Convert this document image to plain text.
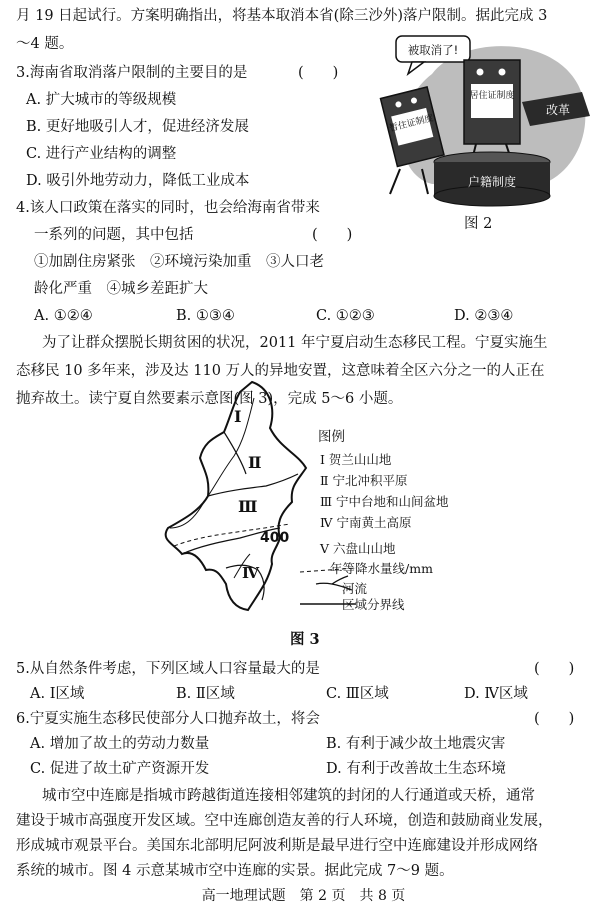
月 19 日起试行。方案明确指出，将基本取消本省(除三沙外)落户限制。据此完成 3
～4 题。
3.海南省取消落户限制的主要目的是	(　　)
A. 扩大城市的等级规模
B. 更好地吸引人才，促进经济发展
C. 进行产业结构的调整
D. 吸引外地劳动力，降低工业成本
4.该人口政策在落实的同时，也会给海南省带来
一系列的问题，其中包括	(　　)
①加剧住房紧张　②环境污染加重　③人口老
龄化严重　④城乡差距扩大
A. ①②④	B. ①③④	C. ①②③	D. ②③④
被取消了!
暂住证制度
居住证制度
改革
户籍制度
图 2
为了让群众摆脱长期贫困的状况，2011 年宁夏启动生态移民工程。宁夏实施生
态移民 10 多年来，涉及达 110 万人的异地安置，这意味着全区六分之一的人正在
抛弃故土。读宁夏自然要素示意图(图 3)，完成 5～6 小题。
400
Ⅰ
Ⅱ
Ⅲ
Ⅳ
图例
Ⅰ 贺兰山山地
Ⅱ 宁北冲积平原
Ⅲ 宁中台地和山间盆地
Ⅳ 宁南黄土高原
Ⅴ 六盘山山地
年等降水量线/mm
河流
区域分界线
图 3
5.从自然条件考虑，下列区域人口容量最大的是	(　　)
A. Ⅰ区域	B. Ⅱ区域	C. Ⅲ区域	D. Ⅳ区域
6.宁夏实施生态移民使部分人口抛弃故土，将会	(　　)
A. 增加了故土的劳动力数量	B. 有利于减少故土地震灾害
C. 促进了故土矿产资源开发	D. 有利于改善故土生态环境
城市空中连廊是指城市跨越街道连接相邻建筑的封闭的人行通道或天桥，通常
建设于城市高强度开发区域。空中连廊创造友善的行人环境，创造和鼓励商业发展，
形成城市观景平台。美国东北部明尼阿波利斯是最早进行空中连廊建设并形成网络
系统的城市。图 4 示意某城市空中连廊的实景。据此完成 7～9 题。
高一地理试题　第 2 页　共 8 页
